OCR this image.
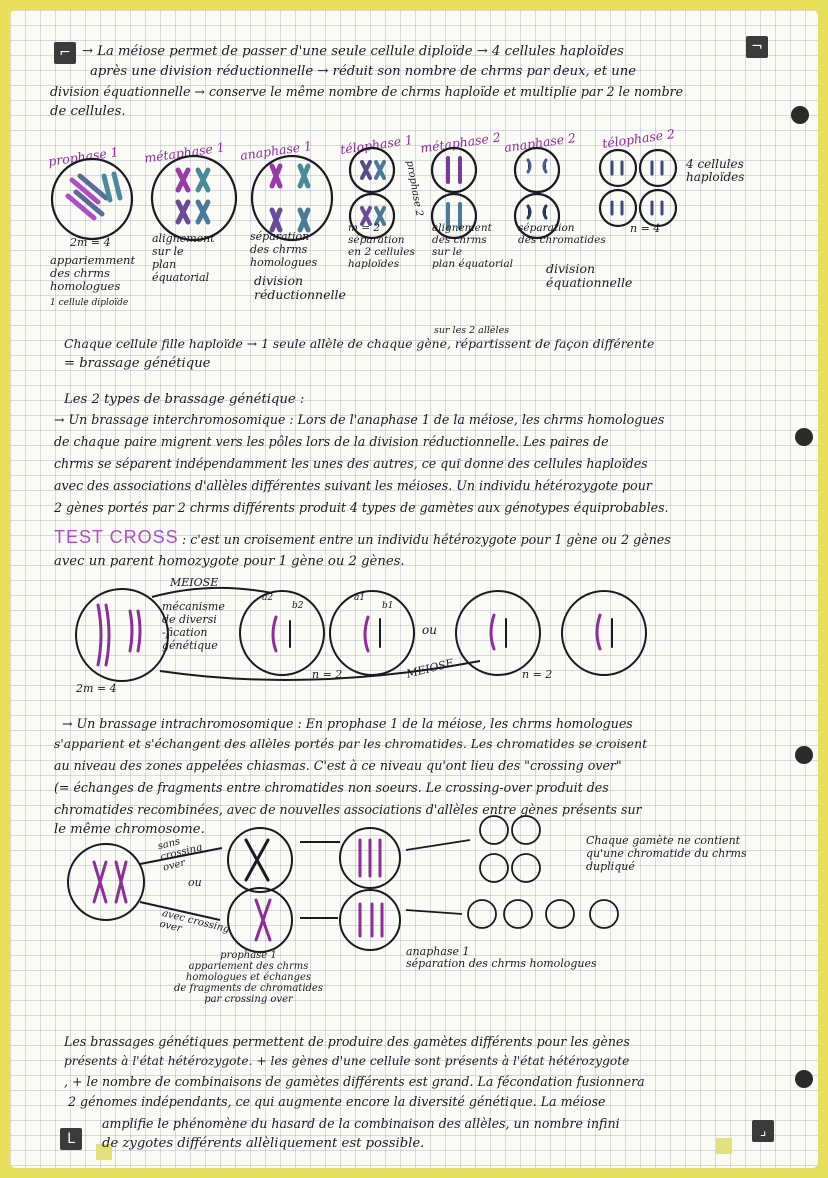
⌐	¬
L	⌟
→ La méiose permet de passer d'une seule cellule diploïde → 4 cellules haploïdes
après une division réductionnelle → réduit son nombre de chrms par deux, et une
division équationnelle → conserve le même nombre de chrms haploïde et multiplie par 2 le nombre
de cellules.
prophase 1 métaphase 1 anaphase 1 télophase 1 métaphase 2 anaphase 2 télophase 2
4 cellules
haploïdes
n = 4
2m = 4
appariemment
des chrms
homologues
1 cellule diploïde
alignement
sur le
plan
équatorial
séparation
des chrms
homologues
division
réductionnelle
m = 2
séparation
en 2 cellules
haploïdes
prophase 2
alignement
des chrms
sur le
plan équatorial
séparation
des chromatides
division
équationnelle
sur les 2 allèles
Chaque cellule fille haploïde → 1 seule allèle de chaque gène, répartissent de façon différente
= brassage génétique
Les 2 types de brassage génétique :
→ Un brassage interchromosomique : Lors de l'anaphase 1 de la méiose, les chrms homologues
de chaque paire migrent vers les pôles lors de la division réductionnelle. Les paires de
chrms se séparent indépendamment les unes des autres, ce qui donne des cellules haploïdes
avec des associations d'allèles différentes suivant les méioses. Un individu hétérozygote pour
2 gènes portés par 2 chrms différents produit 4 types de gamètes aux génotypes équiprobables.
TEST CROSS : c'est un croisement entre un individu hétérozygote pour 1 gène ou 2 gènes
avec un parent homozygote pour 1 gène ou 2 gènes.
MEIOSE
MEIOSE
mécanisme
de diversi
-fication
génétique
ou
n = 2	n = 2
2m = 4
a2
b2
a1
b1
→ Un brassage intrachromosomique : En prophase 1 de la méiose, les chrms homologues
s'apparient et s'échangent des allèles portés par les chromatides. Les chromatides se croisent
au niveau des zones appelées chiasmas. C'est à ce niveau qu'ont lieu des "crossing over"
(= échanges de fragments entre chromatides non soeurs. Le crossing-over produit des
chromatides recombinées, avec de nouvelles associations d'allèles entre gènes présents sur
le même chromosome.
sans
crossing
over
ou
avec crossing
over
prophase 1
appariement des chrms
homologues et échanges
de fragments de chromatides
par crossing over
anaphase 1
séparation des chrms homologues
Chaque gamète ne contient
qu'une chromatide du chrms
dupliqué
Les brassages génétiques permettent de produire des gamètes différents pour les gènes
présents à l'état hétérozygote. + les gènes d'une cellule sont présents à l'état hétérozygote
, + le nombre de combinaisons de gamètes différents est grand. La fécondation fusionnera
2 génomes indépendants, ce qui augmente encore la diversité génétique. La méiose
amplifie le phénomène du hasard de la combinaison des allèles, un nombre infini
de zygotes différents allèliquement est possible.
